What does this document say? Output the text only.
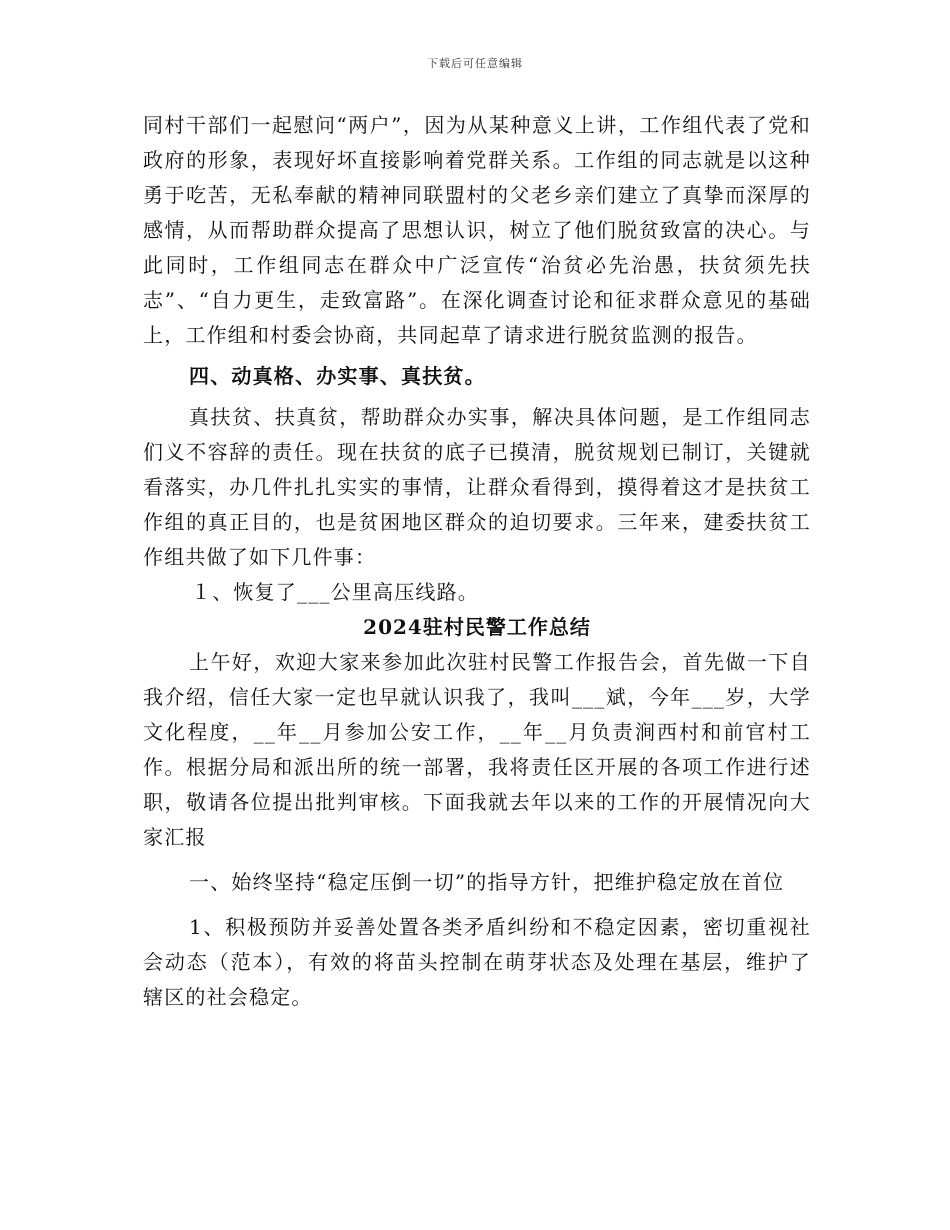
下载后可任意编辑

同村干部们一起慰问“两户”，因为从某种意义上讲，工作组代表了党和政府的形象，表现好坏直接影响着党群关系。工作组的同志就是以这种勇于吃苦，无私奉献的精神同联盟村的父老乡亲们建立了真挚而深厚的感情，从而帮助群众提高了思想认识，树立了他们脱贫致富的决心。与此同时，工作组同志在群众中广泛宣传“治贫必先治愚，扶贫须先扶志”、“自力更生，走致富路”。在深化调查讨论和征求群众意见的基础上，工作组和村委会协商，共同起草了请求进行脱贫监测的报告。

四、动真格、办实事、真扶贫。

真扶贫、扶真贫，帮助群众办实事，解决具体问题，是工作组同志们义不容辞的责任。现在扶贫的底子已摸清，脱贫规划已制订，关键就看落实，办几件扎扎实实的事情，让群众看得到，摸得着这才是扶贫工作组的真正目的，也是贫困地区群众的迫切要求。三年来，建委扶贫工作组共做了如下几件事：

１、恢复了___公里高压线路。

2024驻村民警工作总结

上午好，欢迎大家来参加此次驻村民警工作报告会，首先做一下自我介绍，信任大家一定也早就认识我了，我叫___斌，今年___岁，大学文化程度，__年__月参加公安工作，__年__月负责涧西村和前官村工作。根据分局和派出所的统一部署，我将责任区开展的各项工作进行述职，敬请各位提出批判审核。下面我就去年以来的工作的开展情况向大家汇报

一、始终坚持“稳定压倒一切”的指导方针，把维护稳定放在首位

1、积极预防并妥善处置各类矛盾纠纷和不稳定因素，密切重视社会动态（范本），有效的将苗头控制在萌芽状态及处理在基层，维护了辖区的社会稳定。
